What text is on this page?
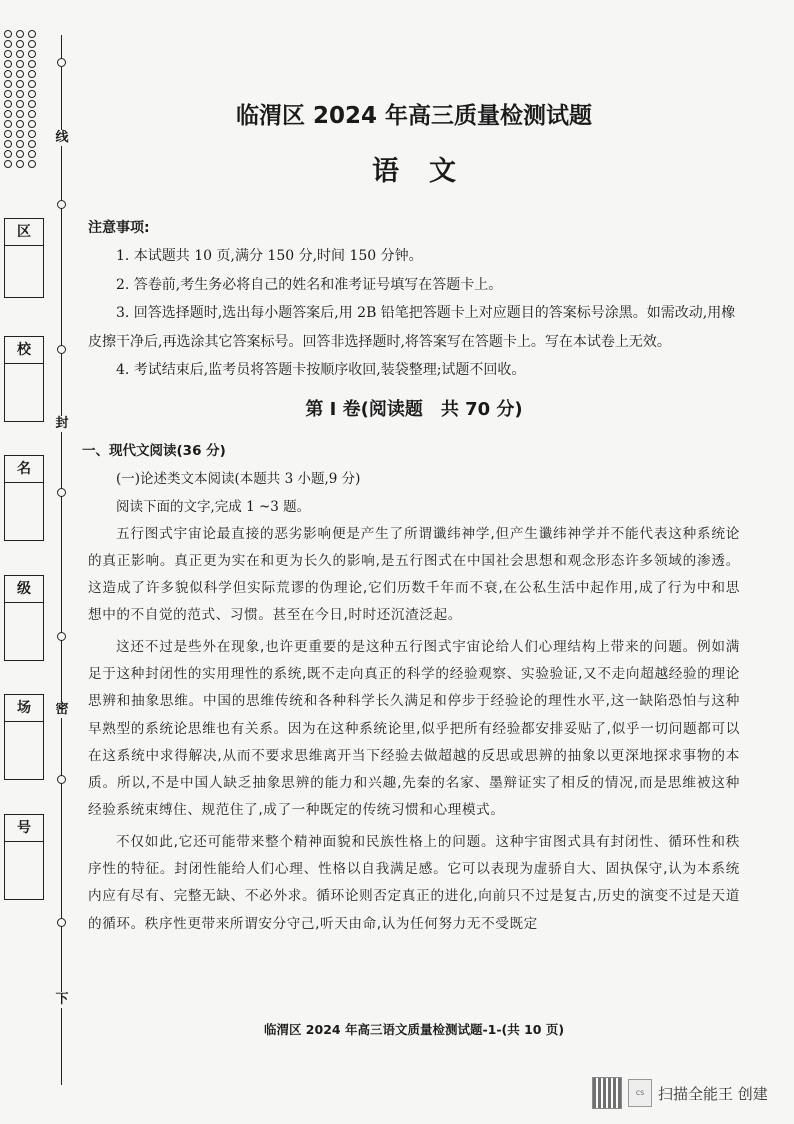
线
封
密
下
区
校
名
级
场
号
临渭区 2024 年高三质量检测试题
语文
注意事项:

1. 本试题共 10 页,满分 150 分,时间 150 分钟。

2. 答卷前,考生务必将自己的姓名和准考证号填写在答题卡上。

3. 回答选择题时,选出每小题答案后,用 2B 铅笔把答题卡上对应题目的答案标号涂黑。如需改动,用橡皮擦干净后,再选涂其它答案标号。回答非选择题时,将答案写在答题卡上。写在本试卷上无效。

4. 考试结束后,监考员将答题卡按顺序收回,装袋整理;试题不回收。

第 I 卷(阅读题　共 70 分)
一、现代文阅读(36 分)

(一)论述类文本阅读(本题共 3 小题,9 分)

阅读下面的文字,完成 1 ~3 题。

五行图式宇宙论最直接的恶劣影响便是产生了所谓谶纬神学,但产生谶纬神学并不能代表这种系统论的真正影响。真正更为实在和更为长久的影响,是五行图式在中国社会思想和观念形态许多领域的渗透。这造成了许多貌似科学但实际荒谬的伪理论,它们历数千年而不衰,在公私生活中起作用,成了行为中和思想中的不自觉的范式、习惯。甚至在今日,时时还沉渣泛起。

这还不过是些外在现象,也许更重要的是这种五行图式宇宙论给人们心理结构上带来的问题。例如满足于这种封闭性的实用理性的系统,既不走向真正的科学的经验观察、实验验证,又不走向超越经验的理论思辨和抽象思维。中国的思维传统和各种科学长久满足和停步于经验论的理性水平,这一缺陷恐怕与这种早熟型的系统论思维也有关系。因为在这种系统论里,似乎把所有经验都安排妥贴了,似乎一切问题都可以在这系统中求得解决,从而不要求思维离开当下经验去做超越的反思或思辨的抽象以更深地探求事物的本质。所以,不是中国人缺乏抽象思辨的能力和兴趣,先秦的名家、墨辩证实了相反的情况,而是思维被这种经验系统束缚住、规范住了,成了一种既定的传统习惯和心理模式。

不仅如此,它还可能带来整个精神面貌和民族性格上的问题。这种宇宙图式具有封闭性、循环性和秩序性的特征。封闭性能给人们心理、性格以自我满足感。它可以表现为虚骄自大、固执保守,认为本系统内应有尽有、完整无缺、不必外求。循环论则否定真正的进化,向前只不过是复古,历史的演变不过是天道的循环。秩序性更带来所谓安分守己,听天由命,认为任何努力无不受既定

临渭区 2024 年高三语文质量检测试题-1-(共 10 页)
CS 扫描全能王 创建
